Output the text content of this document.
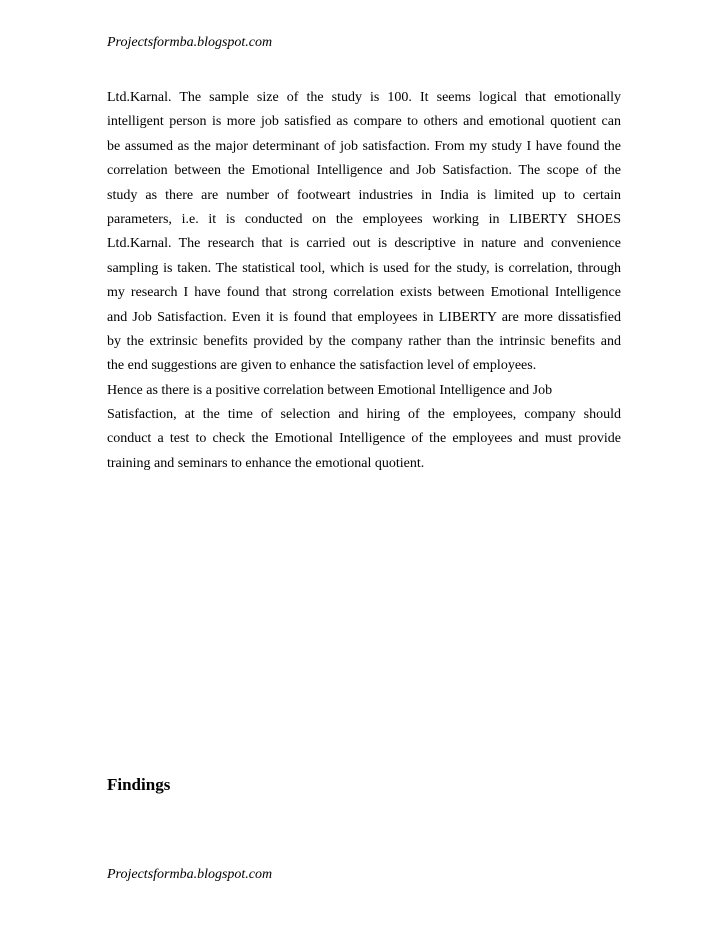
Projectsformba.blogspot.com
Ltd.Karnal. The sample size of the study is 100. It seems logical that emotionally
intelligent person is more job satisfied as compare to others and emotional quotient can
be assumed as the major determinant of job satisfaction. From my study I have found the
correlation between the Emotional Intelligence and Job Satisfaction. The scope of the
study as there are number of footweart industries in India is limited up to certain
parameters, i.e. it is conducted on the employees working in LIBERTY SHOES
Ltd.Karnal. The research that is carried out is descriptive in nature and convenience
sampling is taken. The statistical tool, which is used for the study, is correlation, through
my research I have found that strong correlation exists between Emotional Intelligence
and Job Satisfaction. Even it is found that employees in LIBERTY are more dissatisfied
by the extrinsic benefits provided by the company rather than the intrinsic benefits and
the end suggestions are given to enhance the satisfaction level of employees.
Hence as there is a positive correlation between Emotional Intelligence and Job
Satisfaction, at the time of selection and hiring of the employees, company should
conduct a test to check the Emotional Intelligence of the employees and must provide
training and seminars to enhance the emotional quotient.
Findings
Projectsformba.blogspot.com
